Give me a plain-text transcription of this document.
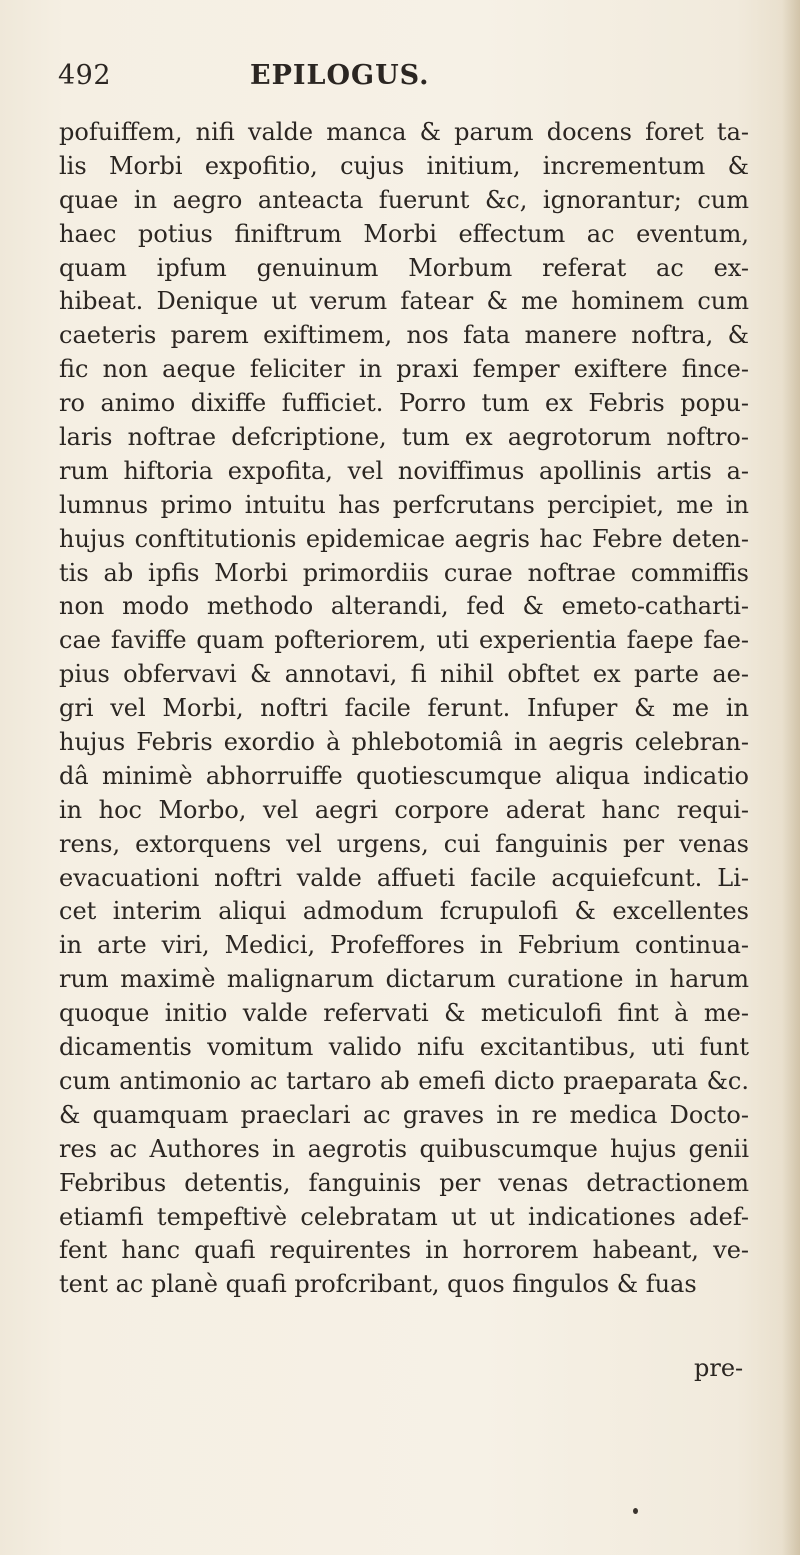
492	EPILOGUS.
pofuiffem, nifi valde manca & parum docens foret ta-
lis Morbi expofitio, cujus initium, incrementum &
quae in aegro anteacta fuerunt &c, ignorantur; cum
haec potius finiftrum Morbi effectum ac eventum,
quam ipfum genuinum Morbum referat ac ex-
hibeat. Denique ut verum fatear & me hominem cum
caeteris parem exiftimem, nos fata manere noftra, &
fic non aeque feliciter in praxi femper exiftere fince-
ro animo dixiffe fufficiet. Porro tum ex Febris popu-
laris noftrae defcriptione, tum ex aegrotorum noftro-
rum hiftoria expofita, vel noviffimus apollinis artis a-
lumnus primo intuitu has perfcrutans percipiet, me in
hujus conftitutionis epidemicae aegris hac Febre deten-
tis ab ipfis Morbi primordiis curae noftrae commiffis
non modo methodo alterandi, fed & emeto-catharti-
cae faviffe quam pofteriorem, uti experientia faepe fae-
pius obfervavi & annotavi, fi nihil obftet ex parte ae-
gri vel Morbi, noftri facile ferunt. Infuper & me in
hujus Febris exordio à phlebotomiâ in aegris celebran-
dâ minimè abhorruiffe quotiescumque aliqua indicatio
in hoc Morbo, vel aegri corpore aderat hanc requi-
rens, extorquens vel urgens, cui fanguinis per venas
evacuationi noftri valde affueti facile acquiefcunt. Li-
cet interim aliqui admodum fcrupulofi & excellentes
in arte viri, Medici, Profeffores in Febrium continua-
rum maximè malignarum dictarum curatione in harum
quoque initio valde refervati & meticulofi fint à me-
dicamentis vomitum valido nifu excitantibus, uti funt
cum antimonio ac tartaro ab emefi dicto praeparata &c.
& quamquam praeclari ac graves in re medica Docto-
res ac Authores in aegrotis quibuscumque hujus genii
Febribus detentis, fanguinis per venas detractionem
etiamfi tempeftivè celebratam ut ut indicationes adef-
fent hanc quafi requirentes in horrorem habeant, ve-
tent ac planè quafi profcribant, quos fingulos & fuas
pre-
